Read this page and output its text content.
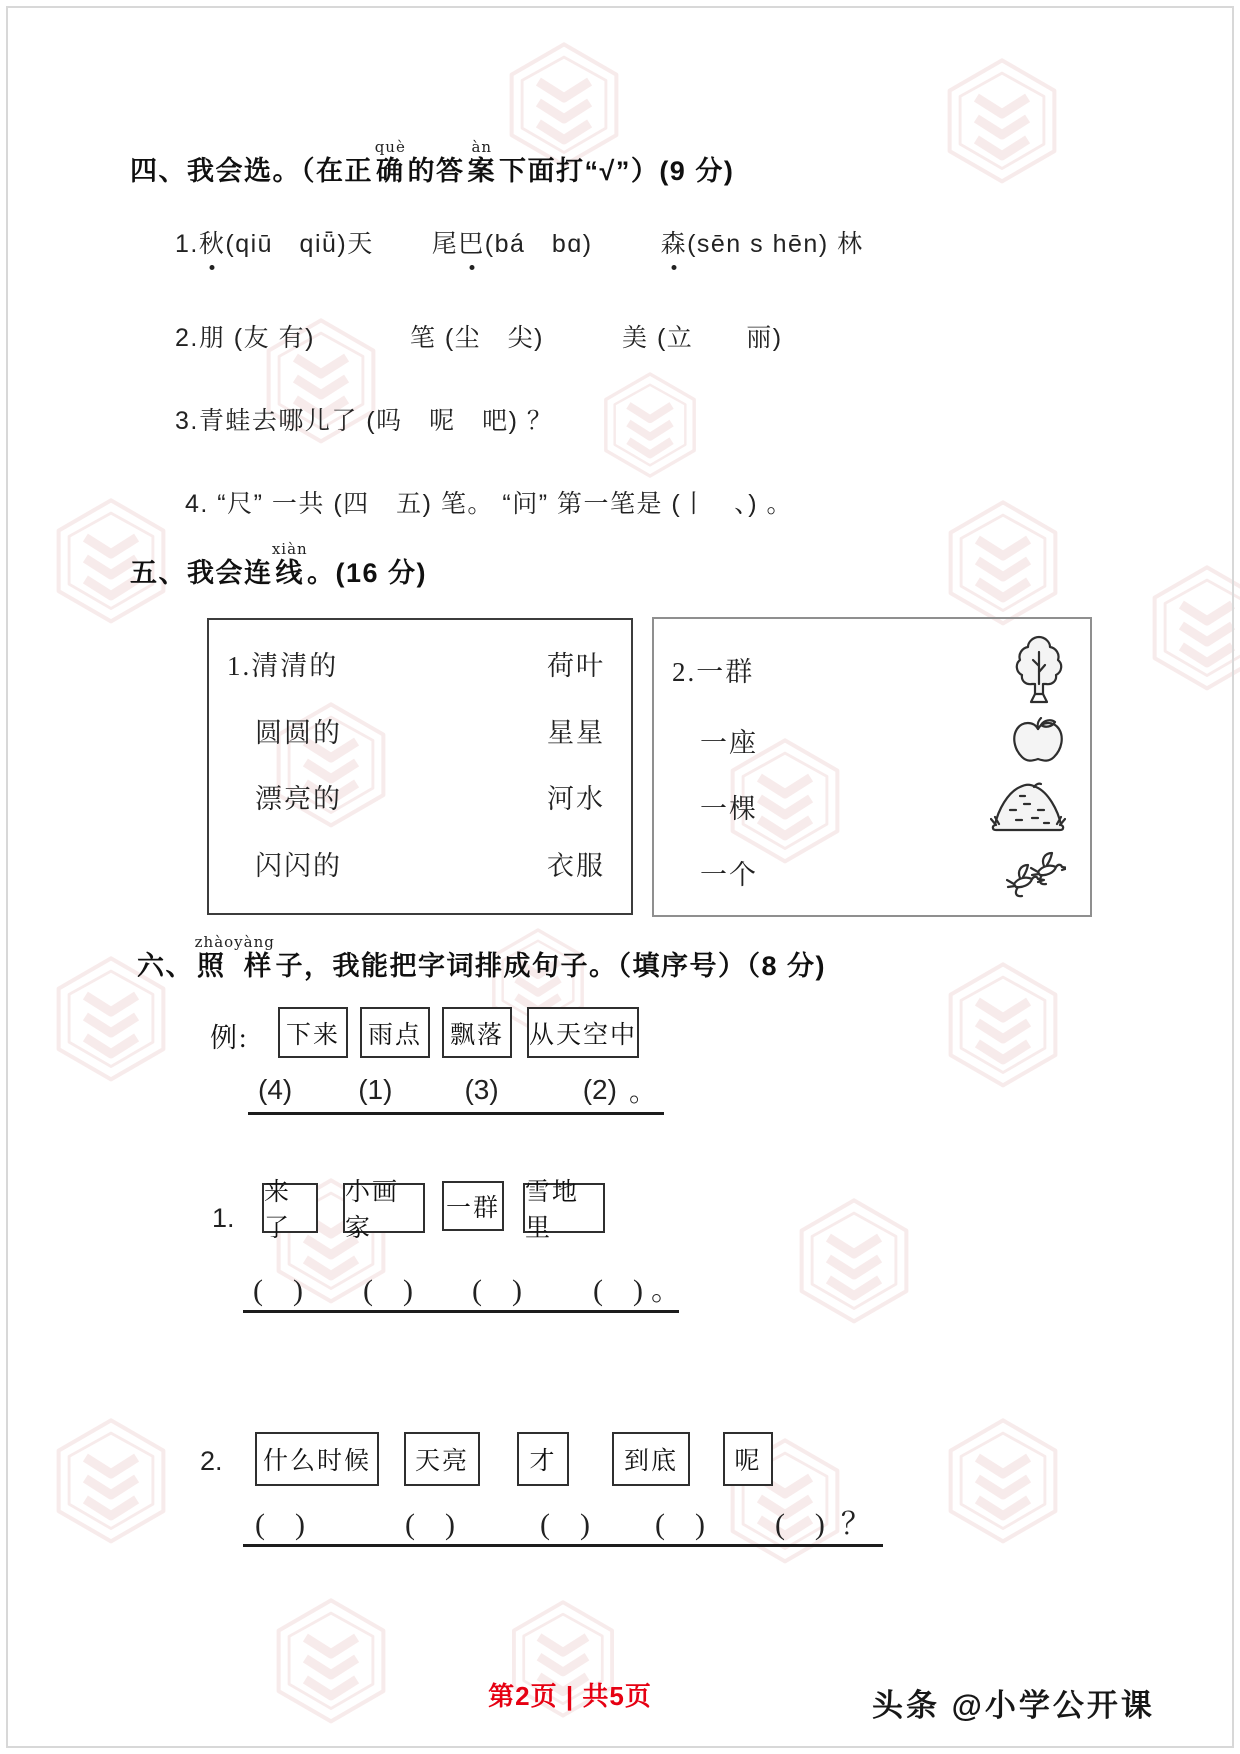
四、我会选。（在正确què的答 案àn下面打“√”）(9 分)
1.秋(qiū　qiǖ)天 尾巴(bá　bɑ)	森(sēn s hēn) 林
2.朋 (友 有)	笔 (尘　尖)	美 (立　　丽)
3.青蛙去哪儿了 (吗　呢　吧) ？
4. “尺” 一共 (四　五) 笔。 “问” 第一笔是 (丨　、) 。
五、我会连线xiàn。(16 分)
1.清清的	荷叶
圆圆的	星星
漂亮的	河水
闪闪的	衣服
2.一群
一座
一棵
一个
六、照 样zhàoyàng子，我能把字词排成句子。（填序号）（8 分)
例:	下来	雨点	飘落	从天空中
(4) (1)	(3)	(2) 。
1.
来了
小画家
一群
雪地里
(　) (　) (　) (　) 。
2.	什么时候	天亮	才	到底	呢
(　)	(　)	(　) (　) (　) ？
第2页 | 共5页	头条 @小学公开课
